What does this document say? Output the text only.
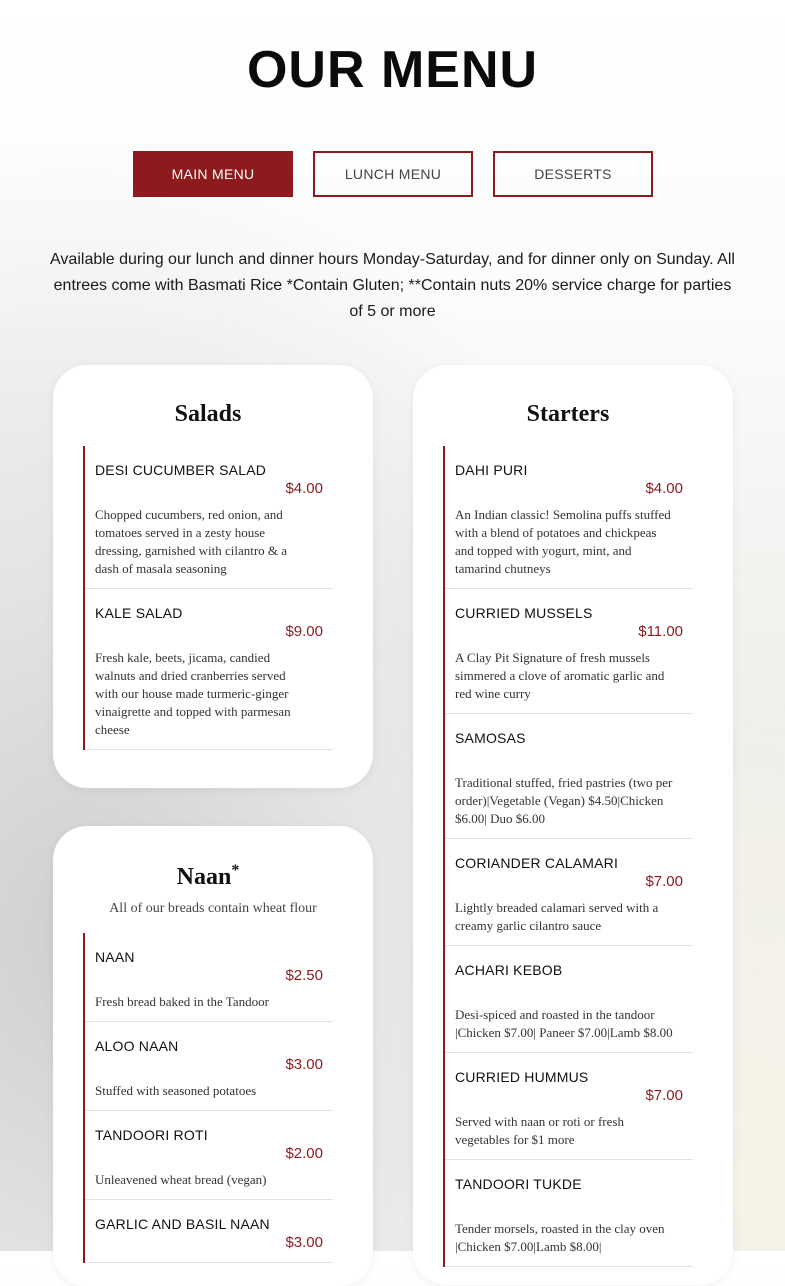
OUR MENU
MAIN MENU	LUNCH MENU	DESSERTS

Available during our lunch and dinner hours Monday-Saturday, and for dinner only on Sunday. All entrees come with Basmati Rice *Contain Gluten; **Contain nuts 20% service charge for parties of 5 or more

Salads
DESI CUCUMBER SALAD
$4.00
Chopped cucumbers, red onion, and tomatoes served in a zesty house dressing, garnished with cilantro & a dash of masala seasoning
KALE SALAD
$9.00
Fresh kale, beets, jicama, candied walnuts and dried cranberries served with our house made turmeric-ginger vinaigrette and topped with parmesan cheese
Naan*
All of our breads contain wheat flour
NAAN
$2.50
Fresh bread baked in the Tandoor
ALOO NAAN
$3.00
Stuffed with seasoned potatoes
TANDOORI ROTI
$2.00
Unleavened wheat bread (vegan)
GARLIC AND BASIL NAAN
$3.00
Starters
DAHI PURI
$4.00
An Indian classic! Semolina puffs stuffed with a blend of potatoes and chickpeas and topped with yogurt, mint, and tamarind chutneys
CURRIED MUSSELS
$11.00
A Clay Pit Signature of fresh mussels simmered a clove of aromatic garlic and red wine curry
SAMOSAS
Traditional stuffed, fried pastries (two per order)|Vegetable (Vegan) $4.50|Chicken $6.00| Duo $6.00
CORIANDER CALAMARI
$7.00
Lightly breaded calamari served with a creamy garlic cilantro sauce
ACHARI KEBOB
Desi-spiced and roasted in the tandoor |Chicken $7.00| Paneer $7.00|Lamb $8.00
CURRIED HUMMUS
$7.00
Served with naan or roti or fresh vegetables for $1 more
TANDOORI TUKDE
Tender morsels, roasted in the clay oven |Chicken $7.00|Lamb $8.00|
